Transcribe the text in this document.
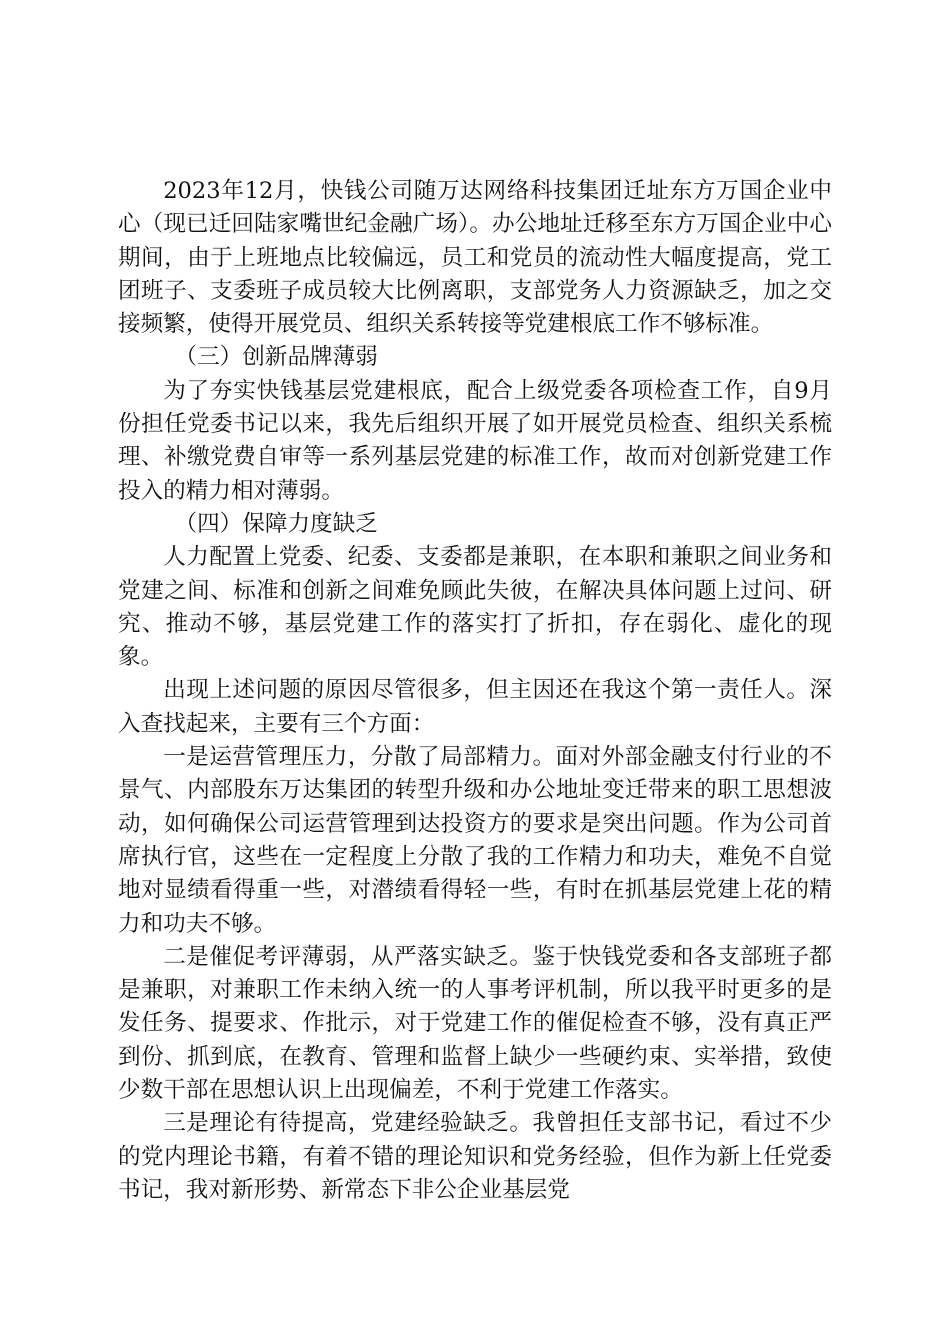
2023年12月，快钱公司随万达网络科技集团迁址东方万国企业中心（现已迁回陆家嘴世纪金融广场）。办公地址迁移至东方万国企业中心期间，由于上班地点比较偏远，员工和党员的流动性大幅度提高，党工团班子、支委班子成员较大比例离职，支部党务人力资源缺乏，加之交接频繁，使得开展党员、组织关系转接等党建根底工作不够标准。

（三）创新品牌薄弱

为了夯实快钱基层党建根底，配合上级党委各项检查工作，自9月份担任党委书记以来，我先后组织开展了如开展党员检查、组织关系梳理、补缴党费自审等一系列基层党建的标准工作，故而对创新党建工作投入的精力相对薄弱。

（四）保障力度缺乏

人力配置上党委、纪委、支委都是兼职，在本职和兼职之间业务和党建之间、标准和创新之间难免顾此失彼，在解决具体问题上过问、研究、推动不够，基层党建工作的落实打了折扣，存在弱化、虚化的现象。

出现上述问题的原因尽管很多，但主因还在我这个第一责任人。深入查找起来，主要有三个方面：

一是运营管理压力，分散了局部精力。面对外部金融支付行业的不景气、内部股东万达集团的转型升级和办公地址变迁带来的职工思想波动，如何确保公司运营管理到达投资方的要求是突出问题。作为公司首席执行官，这些在一定程度上分散了我的工作精力和功夫，难免不自觉地对显绩看得重一些，对潜绩看得轻一些，有时在抓基层党建上花的精力和功夫不够。

二是催促考评薄弱，从严落实缺乏。鉴于快钱党委和各支部班子都是兼职，对兼职工作未纳入统一的人事考评机制，所以我平时更多的是发任务、提要求、作批示，对于党建工作的催促检查不够，没有真正严到份、抓到底，在教育、管理和监督上缺少一些硬约束、实举措，致使少数干部在思想认识上出现偏差，不利于党建工作落实。

三是理论有待提高，党建经验缺乏。我曾担任支部书记，看过不少的党内理论书籍，有着不错的理论知识和党务经验，但作为新上任党委书记，我对新形势、新常态下非公企业基层党
